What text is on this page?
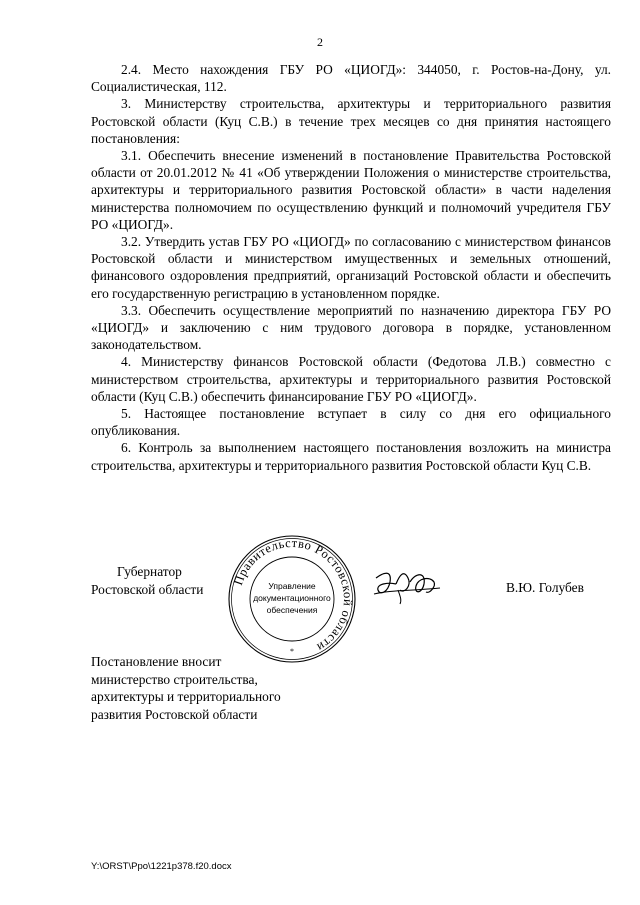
2

2.4. Место нахождения ГБУ РО «ЦИОГД»: 344050, г. Ростов-на-Дону, ул. Социалистическая, 112.

3. Министерству строительства, архитектуры и территориального развития Ростовской области (Куц С.В.) в течение трех месяцев со дня принятия настоящего постановления:

3.1. Обеспечить внесение изменений в постановление Правительства Ростовской области от 20.01.2012 № 41 «Об утверждении Положения о министерстве строительства, архитектуры и территориального развития Ростовской области» в части наделения министерства полномочием по осуществлению функций и полномочий учредителя ГБУ РО «ЦИОГД».

3.2. Утвердить устав ГБУ РО «ЦИОГД» по согласованию с министерством финансов Ростовской области и министерством имущественных и земельных отношений, финансового оздоровления предприятий, организаций Ростовской области и обеспечить его государственную регистрацию в установленном порядке.

3.3. Обеспечить осуществление мероприятий по назначению директора ГБУ РО «ЦИОГД» и заключению с ним трудового договора в порядке, установленном законодательством.

4. Министерству финансов Ростовской области (Федотова Л.В.) совместно с министерством строительства, архитектуры и территориального развития Ростовской области (Куц С.В.) обеспечить финансирование ГБУ РО «ЦИОГД».

5. Настоящее постановление вступает в силу со дня его официального опубликования.

6. Контроль за выполнением настоящего постановления возложить на министра строительства, архитектуры и территориального развития Ростовской области Куц С.В.

Губернатор
Ростовской области
Правительство Ростовской области
Управление
документационного
обеспечения
*
В.Ю. Голубев
Постановление вносит
министерство строительства,
архитектуры и территориального
развития Ростовской области
Y:\ORST\Ppo\1221p378.f20.docx
